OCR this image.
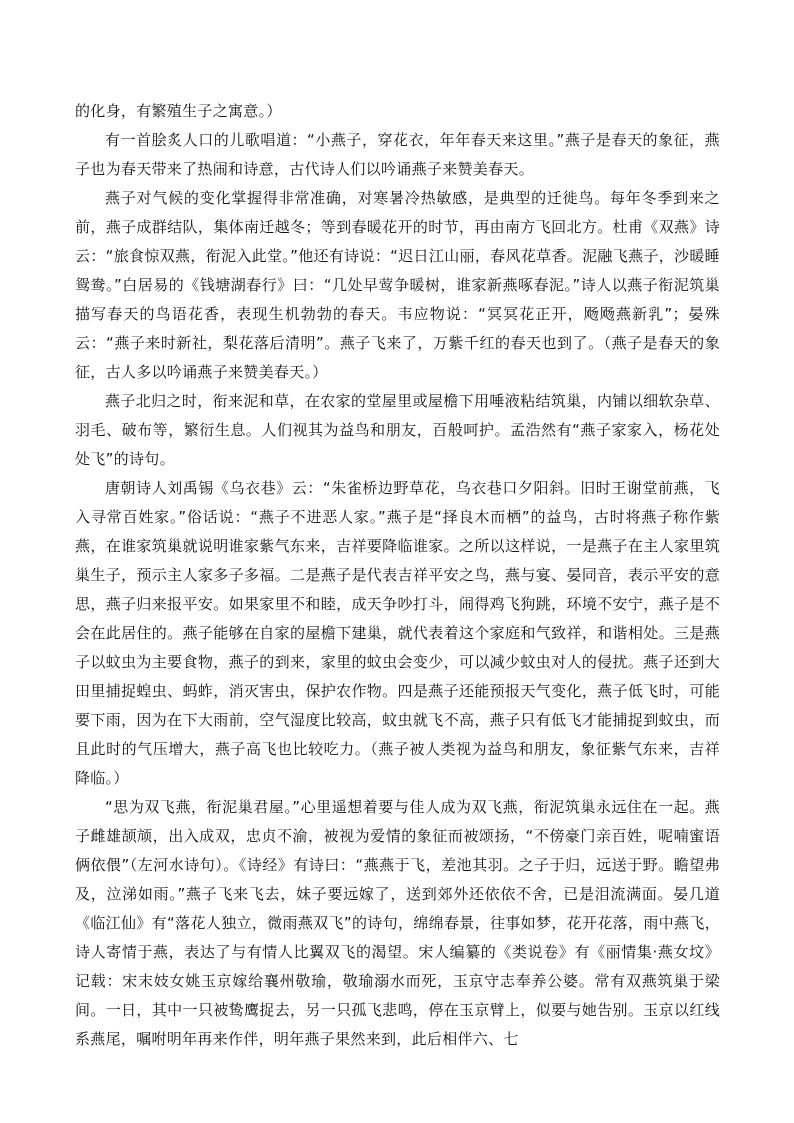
的化身，有繁殖生子之寓意。）

有一首脍炙人口的儿歌唱道：“小燕子，穿花衣，年年春天来这里。”燕子是春天的象征，燕子也为春天带来了热闹和诗意，古代诗人们以吟诵燕子来赞美春天。

燕子对气候的变化掌握得非常准确，对寒暑冷热敏感，是典型的迁徙鸟。每年冬季到来之前，燕子成群结队，集体南迁越冬；等到春暖花开的时节，再由南方飞回北方。杜甫《双燕》诗云：“旅食惊双燕，衔泥入此堂。”他还有诗说：“迟日江山丽，春风花草香。泥融飞燕子，沙暖睡鸳鸯。”白居易的《钱塘湖春行》曰：“几处早莺争暖树，谁家新燕啄春泥。”诗人以燕子衔泥筑巢描写春天的鸟语花香，表现生机勃勃的春天。韦应物说：“冥冥花正开，飏飏燕新乳”；晏殊云：“燕子来时新社，梨花落后清明”。燕子飞来了，万紫千红的春天也到了。（燕子是春天的象征，古人多以吟诵燕子来赞美春天。）

燕子北归之时，衔来泥和草，在农家的堂屋里或屋檐下用唾液粘结筑巢，内铺以细软杂草、羽毛、破布等，繁衍生息。人们视其为益鸟和朋友，百般呵护。孟浩然有“燕子家家入，杨花处处飞”的诗句。

唐朝诗人刘禹锡《乌衣巷》云：“朱雀桥边野草花，乌衣巷口夕阳斜。旧时王谢堂前燕，飞入寻常百姓家。”俗话说：“燕子不进恶人家。”燕子是“择良木而栖”的益鸟，古时将燕子称作紫燕，在谁家筑巢就说明谁家紫气东来，吉祥要降临谁家。之所以这样说，一是燕子在主人家里筑巢生子，预示主人家多子多福。二是燕子是代表吉祥平安之鸟，燕与宴、晏同音，表示平安的意思，燕子归来报平安。如果家里不和睦，成天争吵打斗，闹得鸡飞狗跳，环境不安宁，燕子是不会在此居住的。燕子能够在自家的屋檐下建巢，就代表着这个家庭和气致祥，和谐相处。三是燕子以蚊虫为主要食物，燕子的到来，家里的蚊虫会变少，可以减少蚊虫对人的侵扰。燕子还到大田里捕捉蝗虫、蚂蚱，消灭害虫，保护农作物。四是燕子还能预报天气变化，燕子低飞时，可能要下雨，因为在下大雨前，空气湿度比较高，蚊虫就飞不高，燕子只有低飞才能捕捉到蚊虫，而且此时的气压增大，燕子高飞也比较吃力。（燕子被人类视为益鸟和朋友，象征紫气东来，吉祥降临。）

“思为双飞燕，衔泥巢君屋。”心里遥想着要与佳人成为双飞燕，衔泥筑巢永远住在一起。燕子雌雄颉颃，出入成双，忠贞不渝，被视为爱情的象征而被颂扬，“不傍豪门亲百姓，呢喃蜜语俩依偎”（左河水诗句）。《诗经》有诗曰：“燕燕于飞，差池其羽。之子于归，远送于野。瞻望弗及，泣涕如雨。”燕子飞来飞去，妹子要远嫁了，送到郊外还依依不舍，已是泪流满面。晏几道《临江仙》有“落花人独立，微雨燕双飞”的诗句，绵绵春景，往事如梦，花开花落，雨中燕飞，诗人寄情于燕，表达了与有情人比翼双飞的渴望。宋人编纂的《类说卷》有《丽情集·燕女坟》记载：宋末妓女姚玉京嫁给襄州敬瑜，敬瑜溺水而死，玉京守志奉养公婆。常有双燕筑巢于梁间。一日，其中一只被鸷鹰捉去，另一只孤飞悲鸣，停在玉京臂上，似要与她告别。玉京以红线系燕尾，嘱咐明年再来作伴，明年燕子果然来到，此后相伴六、七
